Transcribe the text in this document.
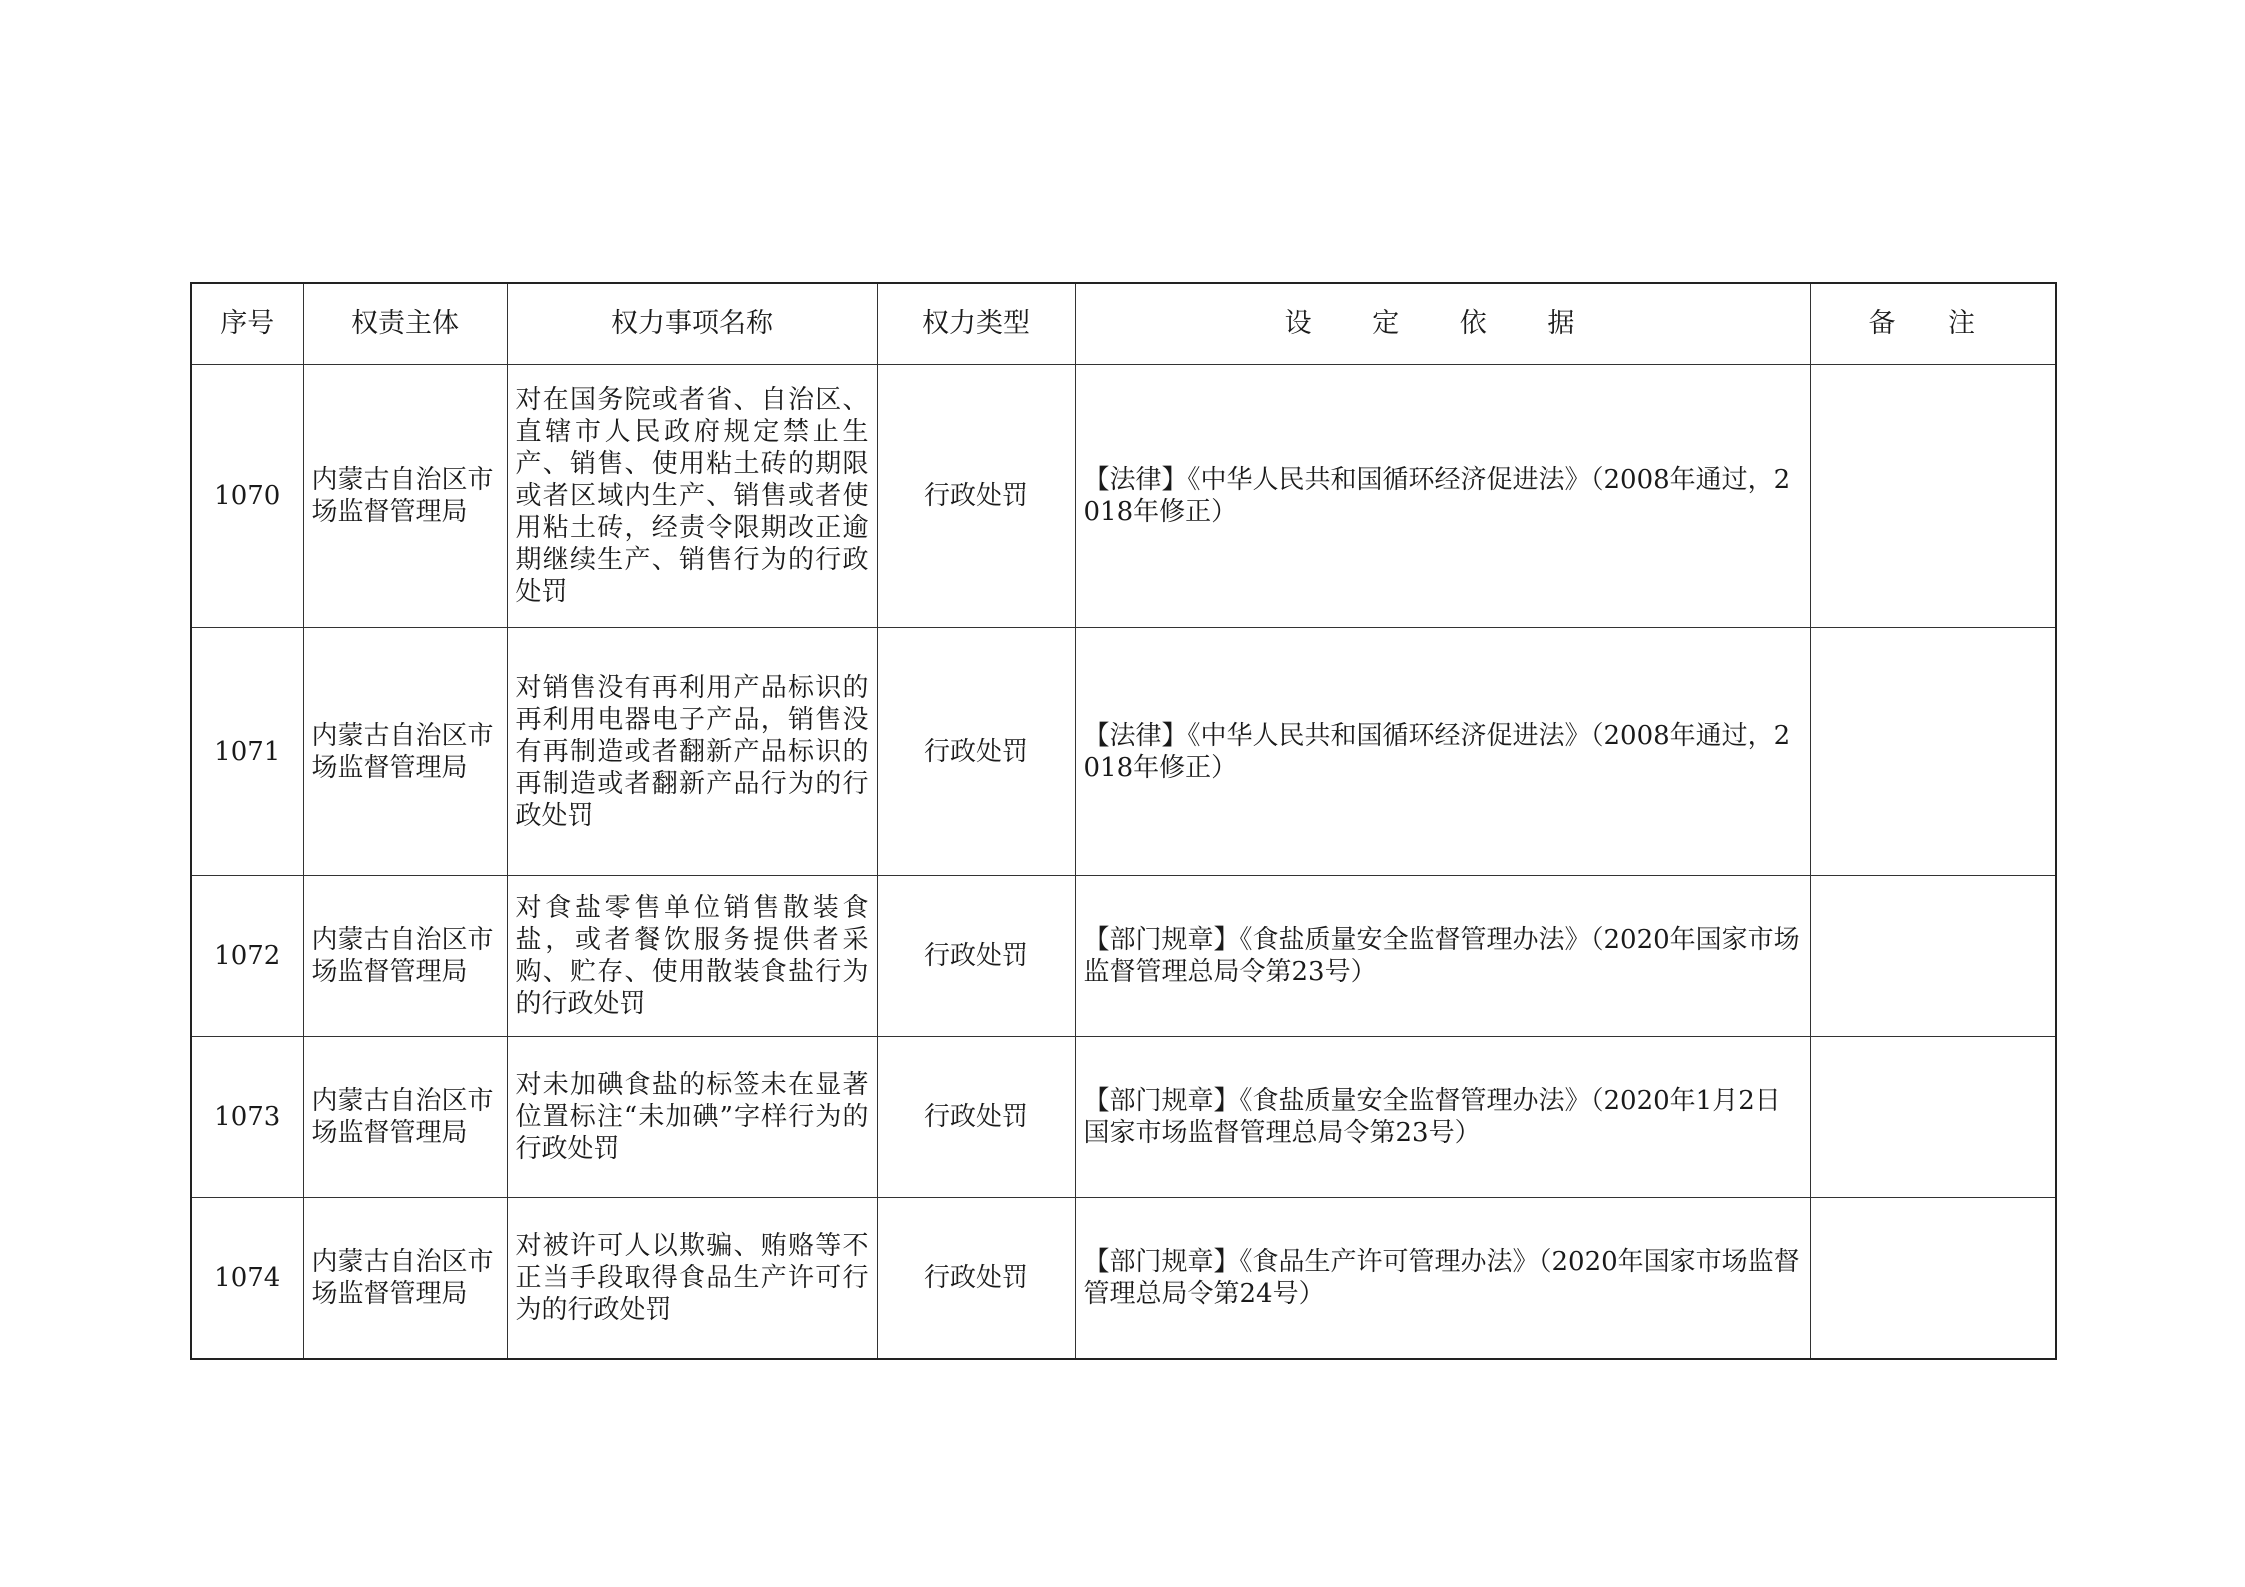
序号	权责主体	权力事项名称	权力类型	设 定 依 据	备 注
1070	内蒙古自治区市场监督管理局	对在国务院或者省、自治区、直辖市人民政府规定禁止生产、销售、使用粘土砖的期限或者区域内生产、销售或者使用粘土砖，经责令限期改正逾期继续生产、销售行为的行政处罚	行政处罚	【法律】《中华人民共和国循环经济促进法》（2008年通过，2018年修正）	
1071	内蒙古自治区市场监督管理局	对销售没有再利用产品标识的再利用电器电子产品，销售没有再制造或者翻新产品标识的再制造或者翻新产品行为的行政处罚	行政处罚	【法律】《中华人民共和国循环经济促进法》（2008年通过，2018年修正）	
1072	内蒙古自治区市场监督管理局	对食盐零售单位销售散装食盐，或者餐饮服务提供者采购、贮存、使用散装食盐行为的行政处罚	行政处罚	【部门规章】《食盐质量安全监督管理办法》（2020年国家市场监督管理总局令第23号）	
1073	内蒙古自治区市场监督管理局	对未加碘食盐的标签未在显著位置标注“未加碘”字样行为的行政处罚	行政处罚	【部门规章】《食盐质量安全监督管理办法》（2020年1月2日国家市场监督管理总局令第23号）	
1074	内蒙古自治区市场监督管理局	对被许可人以欺骗、贿赂等不正当手段取得食品生产许可行为的行政处罚	行政处罚	【部门规章】《食品生产许可管理办法》（2020年国家市场监督管理总局令第24号）	
